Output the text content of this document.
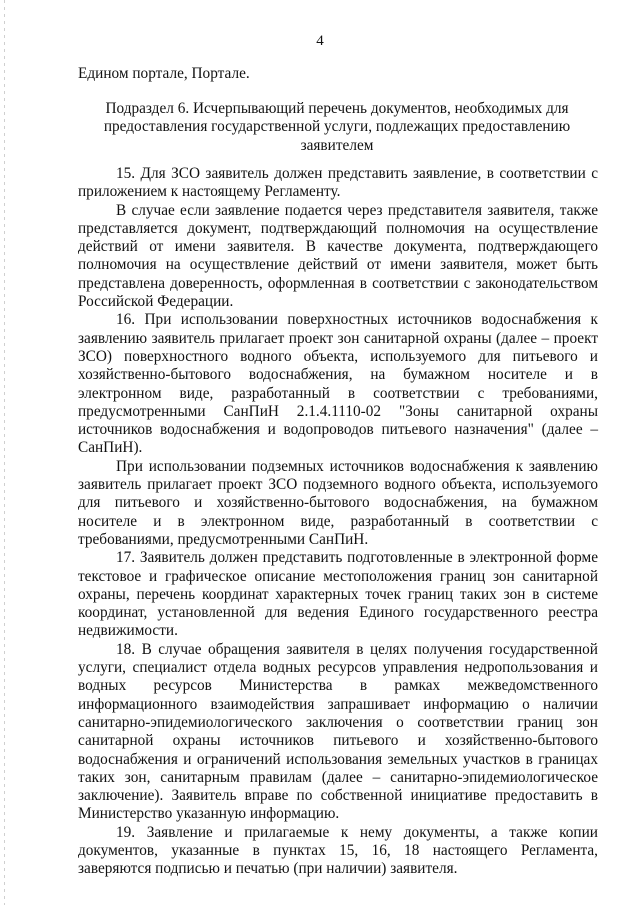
4
Едином портале, Портале.
Подраздел 6. Исчерпывающий перечень документов, необходимых для предоставления государственной услуги, подлежащих предоставлению заявителем

15. Для ЗСО заявитель должен представить заявление, в соответствии с приложением к настоящему Регламенту.

В случае если заявление подается через представителя заявителя, также представляется документ, подтверждающий полномочия на осуществление действий от имени заявителя. В качестве документа, подтверждающего полномочия на осуществление действий от имени заявителя, может быть представлена доверенность, оформленная в соответствии с законодательством Российской Федерации.

16. При использовании поверхностных источников водоснабжения к заявлению заявитель прилагает проект зон санитарной охраны (далее – проект ЗСО) поверхностного водного объекта, используемого для питьевого и хозяйственно-бытового водоснабжения, на бумажном носителе и в электронном виде, разработанный в соответствии с требованиями, предусмотренными СанПиН 2.1.4.1110-02 "Зоны санитарной охраны источников водоснабжения и водопроводов питьевого назначения" (далее – СанПиН).

При использовании подземных источников водоснабжения к заявлению заявитель прилагает проект ЗСО подземного водного объекта, используемого для питьевого и хозяйственно-бытового водоснабжения, на бумажном носителе и в электронном виде, разработанный в соответствии с требованиями, предусмотренными СанПиН.

17. Заявитель должен представить подготовленные в электронной форме текстовое и графическое описание местоположения границ зон санитарной охраны, перечень координат характерных точек границ таких зон в системе координат, установленной для ведения Единого государственного реестра недвижимости.

18. В случае обращения заявителя в целях получения государственной услуги, специалист отдела водных ресурсов управления недропользования и водных ресурсов Министерства в рамках межведомственного информационного взаимодействия запрашивает информацию о наличии санитарно-эпидемиологического заключения о соответствии границ зон санитарной охраны источников питьевого и хозяйственно-бытового водоснабжения и ограничений использования земельных участков в границах таких зон, санитарным правилам (далее – санитарно-эпидемиологическое заключение). Заявитель вправе по собственной инициативе предоставить в Министерство указанную информацию.

19. Заявление и прилагаемые к нему документы, а также копии документов, указанные в пунктах 15, 16, 18 настоящего Регламента, заверяются подписью и печатью (при наличии) заявителя.
